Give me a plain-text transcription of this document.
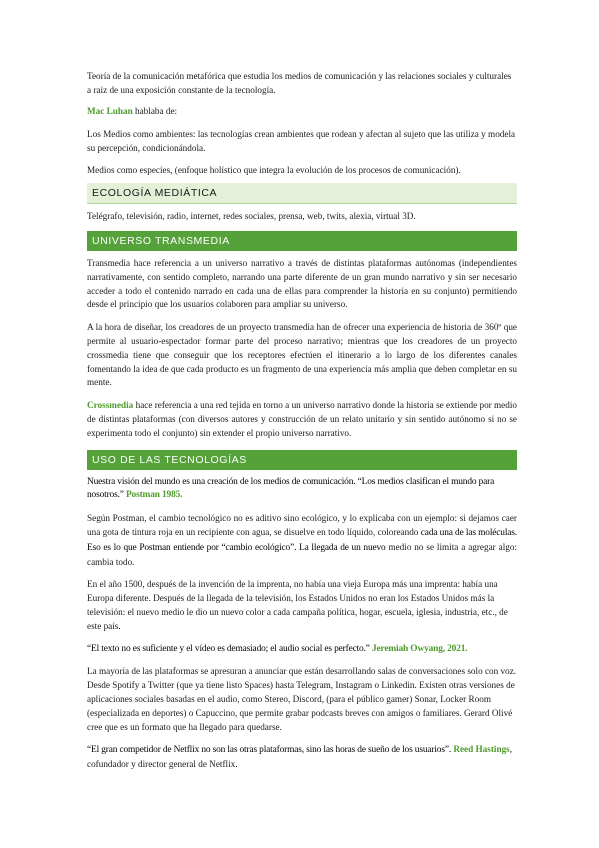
Teoría de la comunicación metafórica que estudia los medios de comunicación y las relaciones sociales y culturales a raíz de una exposición constante de la tecnología.

Mac Luhan hablaba de:

Los Medios como ambientes: las tecnologías crean ambientes que rodean y afectan al sujeto que las utiliza y modela su percepción, condicionándola.

Medios como especies, (enfoque holístico que integra la evolución de los procesos de comunicación).

ECOLOGÍA MEDIÁTICA

Telégrafo, televisión, radio, internet, redes sociales, prensa, web, twits, alexia, virtual 3D.

UNIVERSO TRANSMEDIA

Transmedia hace referencia a un universo narrativo a través de distintas plataformas autónomas (independientes narrativamente, con sentido completo, narrando una parte diferente de un gran mundo narrativo y sin ser necesario acceder a todo el contenido narrado en cada una de ellas para comprender la historia en su conjunto) permitiendo desde el principio que los usuarios colaboren para ampliar su universo.

A la hora de diseñar, los creadores de un proyecto transmedia han de ofrecer una experiencia de historia de 360º que permite al usuario-espectador formar parte del proceso narrativo; mientras que los creadores de un proyecto crossmedia tiene que conseguir que los receptores efectúen el itinerario a lo largo de los diferentes canales fomentando la idea de que cada producto es un fragmento de una experiencia más amplia que deben completar en su mente.

Crossmedia hace referencia a una red tejida en torno a un universo narrativo donde la historia se extiende por medio de distintas plataformas (con diversos autores y construcción de un relato unitario y sin sentido autónomo si no se experimenta todo el conjunto) sin extender el propio universo narrativo.

USO DE LAS TECNOLOGÍAS

Nuestra visión del mundo es una creación de los medios de comunicación. “Los medios clasifican el mundo para nosotros.” Postman 1985.

Según Postman, el cambio tecnológico no es aditivo sino ecológico, y lo explicaba con un ejemplo: si dejamos caer una gota de tintura roja en un recipiente con agua, se disuelve en todo líquido, coloreando cada una de las moléculas. Eso es lo que Postman entiende por “cambio ecológico”. La llegada de un nuevo medio no se limita a agregar algo: cambia todo.

En el año 1500, después de la invención de la imprenta, no había una vieja Europa más una imprenta: había una Europa diferente. Después de la llegada de la televisión, los Estados Unidos no eran los Estados Unidos más la televisión: el nuevo medio le dio un nuevo color a cada campaña política, hogar, escuela, iglesia, industria, etc., de este país.

“El texto no es suficiente y el vídeo es demasiado; el audio social es perfecto.” Jeremiah Owyang, 2021.

La mayoría de las plataformas se apresuran a anunciar que están desarrollando salas de conversaciones solo con voz. Desde Spotify a Twitter (que ya tiene listo Spaces) hasta Telegram, Instagram o Linkedin. Existen otras versiones de aplicaciones sociales basadas en el audio, como Stereo, Discord, (para el público gamer) Sonar, Locker Room (especializada en deportes) o Capuccino, que permite grabar podcasts breves con amigos o familiares. Gerard Olivé cree que es un formato que ha llegado para quedarse.

“El gran competidor de Netflix no son las otras plataformas, sino las horas de sueño de los usuarios”. Reed Hastings, cofundador y director general de Netflix.
